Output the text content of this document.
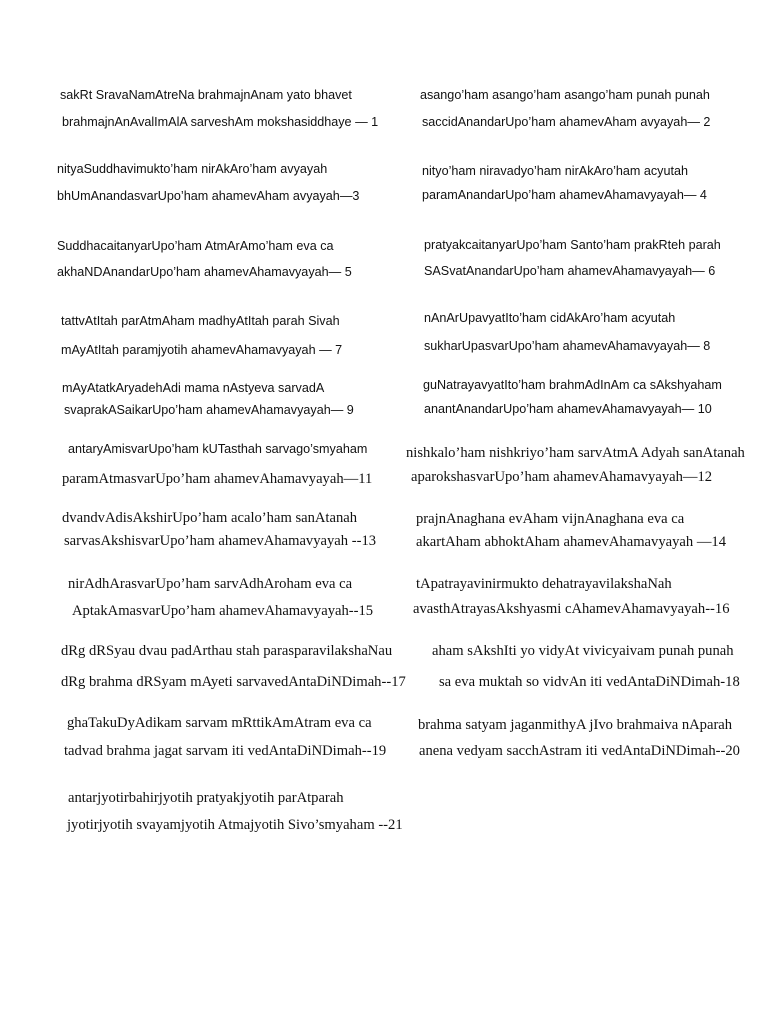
sakRt SravaNamAtreNa brahmajnAnam yato bhavet
brahmajnAnAvalImAlA sarveshAm mokshasiddhaye — 1
asango’ham asango’ham asango’ham punah punah
saccidAnandarUpo’ham ahamevAham avyayah— 2
nityaSuddhavimukto’ham nirAkAro’ham avyayah
bhUmAnandasvarUpo’ham ahamevAham avyayah—3
nityo’ham niravadyo’ham nirAkAro’ham acyutah
paramAnandarUpo’ham ahamevAhamavyayah— 4
SuddhacaitanyarUpo’ham AtmArAmo’ham eva ca
akhaNDAnandarUpo’ham ahamevAhamavyayah— 5
pratyakcaitanyarUpo’ham Santo’ham prakRteh parah
SASvatAnandarUpo’ham ahamevAhamavyayah— 6
tattvAtItah parAtmAham madhyAtItah parah Sivah
mAyAtItah paramjyotih ahamevAhamavyayah — 7
nAnArUpavyatIto’ham cidAkAro’ham acyutah
sukharUpasvarUpo’ham ahamevAhamavyayah— 8
mAyAtatkAryadehAdi mama nAstyeva sarvadA
svaprakASaikarUpo’ham ahamevAhamavyayah— 9
guNatrayavyatIto’ham brahmAdInAm ca sAkshyaham
anantAnandarUpo’ham ahamevAhamavyayah— 10
antaryAmisvarUpo’ham kUTasthah sarvago’smyaham
paramAtmasvarUpo’ham ahamevAhamavyayah—11
nishkalo’ham nishkriyo’ham sarvAtmA Adyah sanAtanah
aparokshasvarUpo’ham ahamevAhamavyayah—12
dvandvAdisAkshirUpo’ham acalo’ham sanAtanah
sarvasAkshisvarUpo’ham ahamevAhamavyayah --13
prajnAnaghana evAham vijnAnaghana eva ca
akartAham abhoktAham ahamevAhamavyayah —14
nirAdhArasvarUpo’ham sarvAdhAroham eva ca
AptakAmasvarUpo’ham ahamevAhamavyayah--15
tApatrayavinirmukto dehatrayavilakshaNah
avasthAtrayasAkshyasmi cAhamevAhamavyayah--16
dRg dRSyau dvau padArthau stah parasparavilakshaNau
dRg brahma dRSyam mAyeti sarvavedAntaDiNDimah--17
aham sAkshIti yo vidyAt vivicyaivam punah punah
sa eva muktah so vidvAn iti vedAntaDiNDimah-18
ghaTakuDyAdikam sarvam mRttikAmAtram eva ca
tadvad brahma jagat sarvam iti vedAntaDiNDimah--19
brahma satyam jaganmithyA jIvo brahmaiva nAparah
anena vedyam sacchAstram iti vedAntaDiNDimah--20
antarjyotirbahirjyotih pratyakjyotih parAtparah
jyotirjyotih svayamjyotih Atmajyotih Sivo’smyaham --21
